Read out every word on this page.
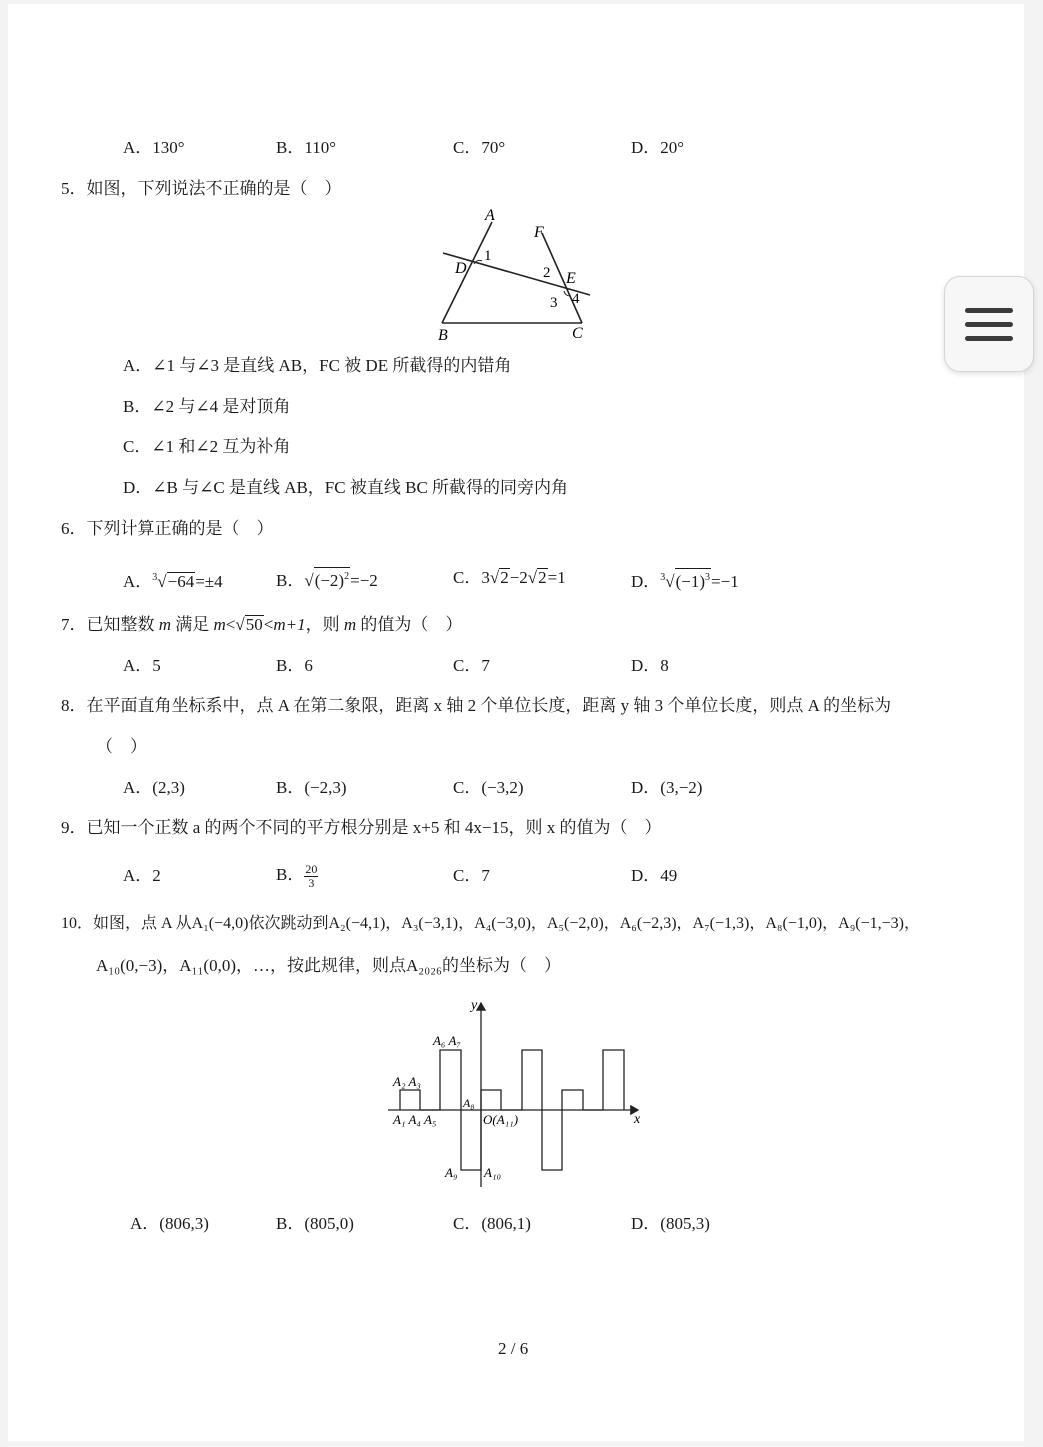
A．130°	B．110°	C．70°	D．20°
5．如图，下列说法不正确的是（　）
A
F
D
1
2 E
3 4
B	C
A．∠1 与∠3 是直线 AB，FC 被 DE 所截得的内错角
B．∠2 与∠4 是对顶角
C．∠1 和∠2 互为补角
D．∠B 与∠C 是直线 AB，FC 被直线 BC 所截得的同旁内角
6．下列计算正确的是（　）
A．$^3$√−64=±4	B．$√(-2)^2=-2$	C．3√2−2√2=1	D．$^3√(-1)^3=-1$
7．已知整数 m 满足 m<√50<m+1，则 m 的值为（　）
A．5	B．6	C．7	D．8
8．在平面直角坐标系中，点 A 在第二象限，距离 x 轴 2 个单位长度，距离 y 轴 3 个单位长度，则点 A 的坐标为
（　）
A．(2,3)	B．(−2,3)	C．(−3,2)	D．(3,−2)
9．已知一个正数 a 的两个不同的平方根分别是 x+5 和 4x−15，则 x 的值为（　）
A．2	B． $\frac{20}{3}$	C．7	D．49
10．如图，点 A 从A₁(−4,0)依次跳动到A₂(−4,1)，A₃(−3,1)，A₄(−3,0)，A₅(−2,0)，A₆(−2,3)，A₇(−1,3)，A₈(−1,0)，A₉(−1,−3)，
A₁₀(0,−3)，A₁₁(0,0)，…，按此规律，则点A₂₀₂₆的坐标为（　）
y
x
A₆ A₇
A₂ A₃
A₈
A₁ A₄ A₅	O(A₁₁)
A₉ A₁₀
A．(806,3)	B．(805,0)	C．(806,1)	D．(805,3)
2 / 6
